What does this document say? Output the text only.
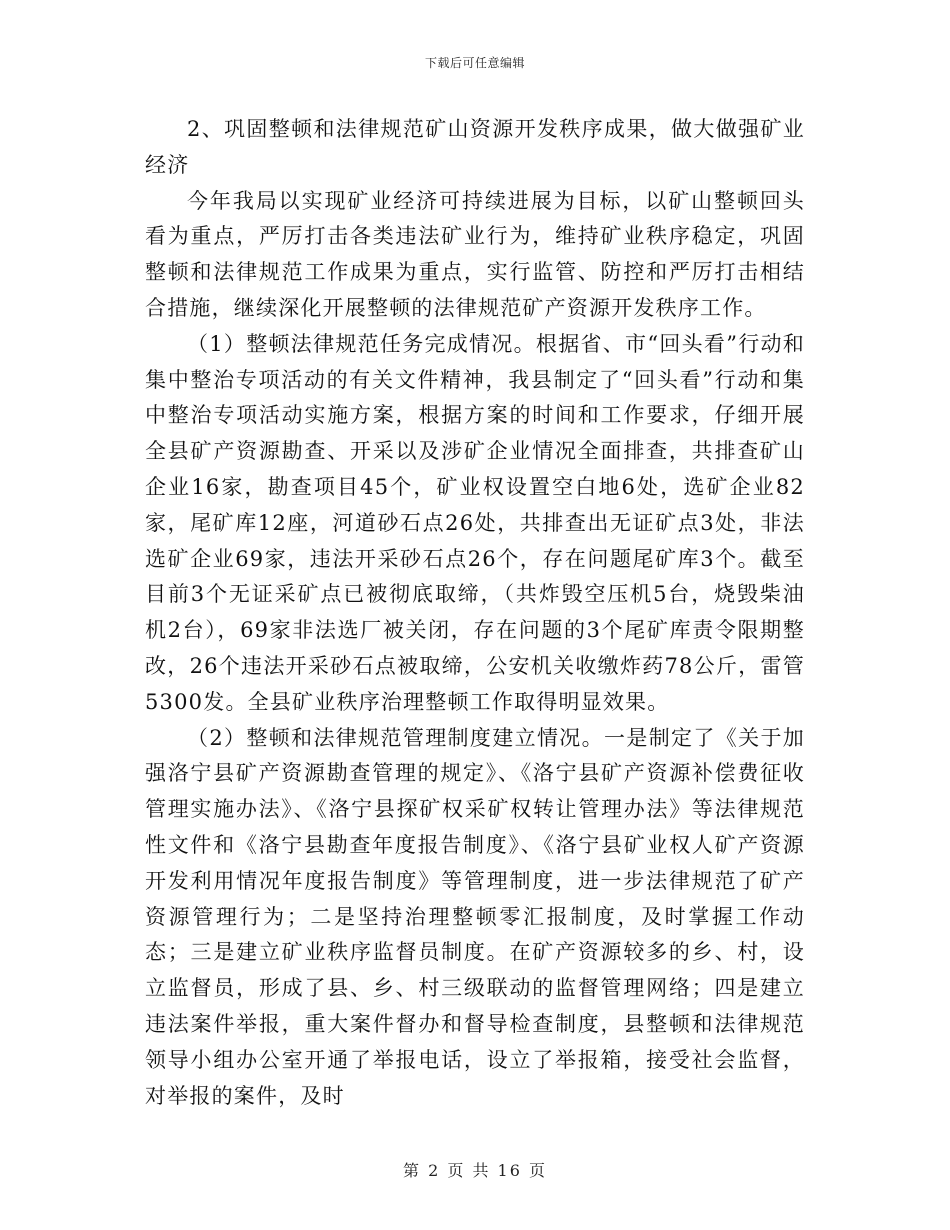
下载后可任意编辑

2、巩固整顿和法律规范矿山资源开发秩序成果，做大做强矿业经济

今年我局以实现矿业经济可持续进展为目标，以矿山整顿回头看为重点，严厉打击各类违法矿业行为，维持矿业秩序稳定，巩固整顿和法律规范工作成果为重点，实行监管、防控和严厉打击相结合措施，继续深化开展整顿的法律规范矿产资源开发秩序工作。

（1）整顿法律规范任务完成情况。根据省、市“回头看”行动和集中整治专项活动的有关文件精神，我县制定了“回头看”行动和集中整治专项活动实施方案，根据方案的时间和工作要求，仔细开展全县矿产资源勘查、开采以及涉矿企业情况全面排查，共排查矿山企业16家，勘查项目45个，矿业权设置空白地6处，选矿企业82家，尾矿库12座，河道砂石点26处，共排查出无证矿点3处，非法选矿企业69家，违法开采砂石点26个，存在问题尾矿库3个。截至目前3个无证采矿点已被彻底取缔，（共炸毁空压机5台，烧毁柴油机2台），69家非法选厂被关闭，存在问题的3个尾矿库责令限期整改，26个违法开采砂石点被取缔，公安机关收缴炸药78公斤，雷管5300发。全县矿业秩序治理整顿工作取得明显效果。

（2）整顿和法律规范管理制度建立情况。一是制定了《关于加强洛宁县矿产资源勘查管理的规定》、《洛宁县矿产资源补偿费征收管理实施办法》、《洛宁县探矿权采矿权转让管理办法》等法律规范性文件和《洛宁县勘查年度报告制度》、《洛宁县矿业权人矿产资源开发利用情况年度报告制度》等管理制度，进一步法律规范了矿产资源管理行为；二是坚持治理整顿零汇报制度，及时掌握工作动态；三是建立矿业秩序监督员制度。在矿产资源较多的乡、村，设立监督员，形成了县、乡、村三级联动的监督管理网络；四是建立违法案件举报，重大案件督办和督导检查制度，县整顿和法律规范领导小组办公室开通了举报电话，设立了举报箱，接受社会监督，对举报的案件，及时

第 2 页 共 16 页
